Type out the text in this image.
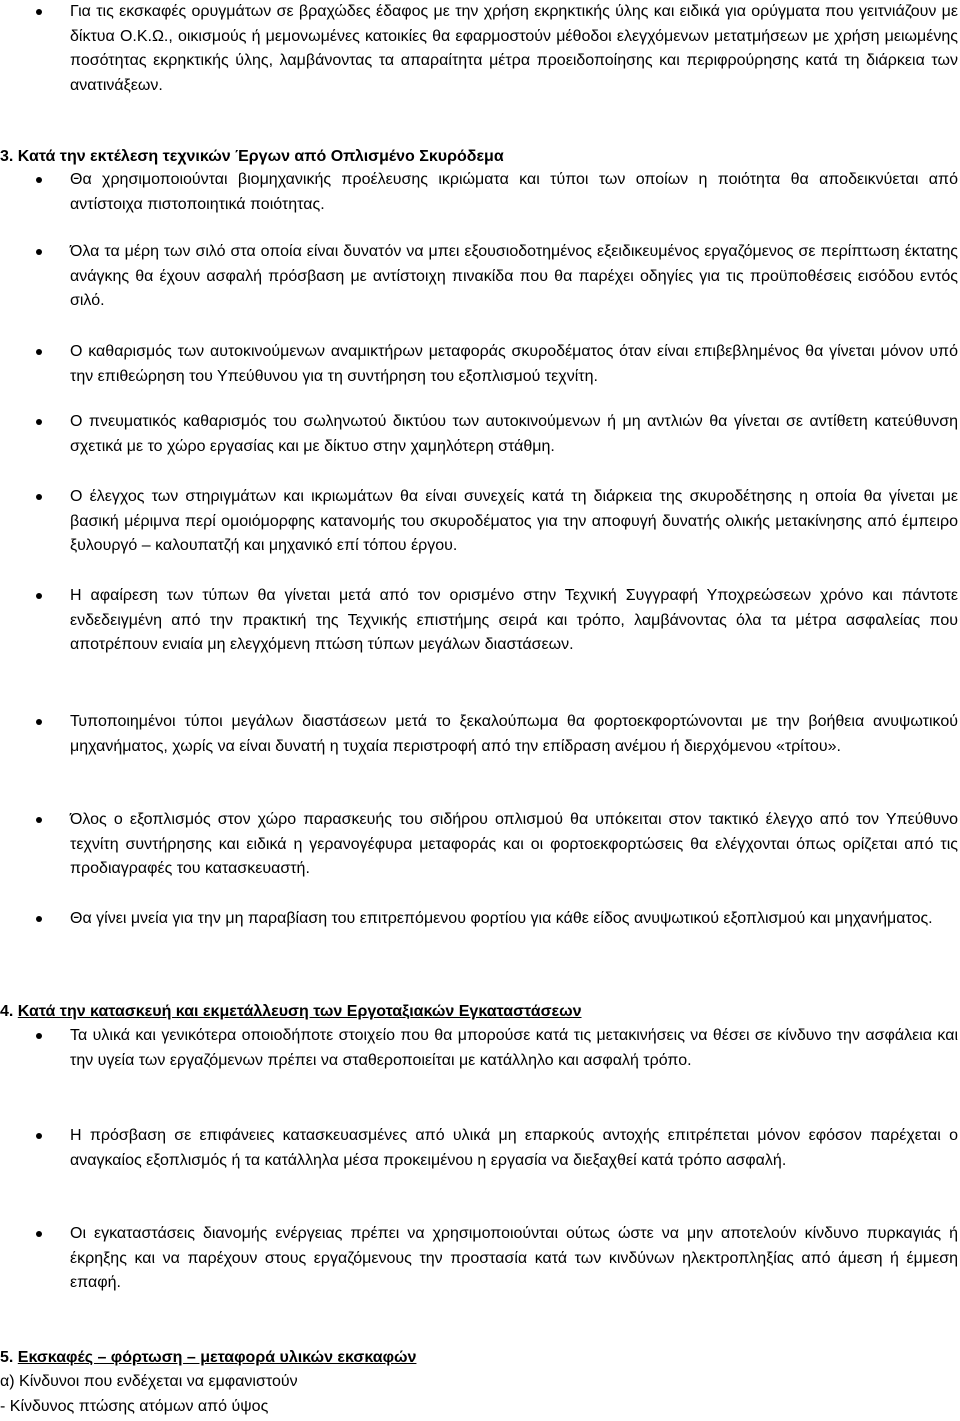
Για τις εκσκαφές ορυγμάτων σε βραχώδες έδαφος με την χρήση εκρηκτικής ύλης και ειδικά για ορύγματα που γειτνιάζουν με δίκτυα Ο.Κ.Ω., οικισμούς ή μεμονωμένες κατοικίες θα εφαρμοστούν μέθοδοι ελεγχόμενων μετατμήσεων με χρήση μειωμένης ποσότητας εκρηκτικής ύλης, λαμβάνοντας τα απαραίτητα μέτρα προειδοποίησης και περιφρούρησης κατά τη διάρκεια των ανατινάξεων.
3. Κατά την εκτέλεση τεχνικών Έργων από Οπλισμένο Σκυρόδεμα
Θα χρησιμοποιούνται βιομηχανικής προέλευσης ικριώματα και τύποι των οποίων η ποιότητα θα αποδεικνύεται από αντίστοιχα πιστοποιητικά ποιότητας.
Όλα τα μέρη των σιλό στα οποία είναι δυνατόν να μπει εξουσιοδοτημένος εξειδικευμένος εργαζόμενος σε περίπτωση έκτατης ανάγκης θα έχουν ασφαλή πρόσβαση με αντίστοιχη πινακίδα που θα παρέχει οδηγίες για τις προϋποθέσεις εισόδου εντός σιλό.
Ο καθαρισμός των αυτοκινούμενων αναμικτήρων μεταφοράς σκυροδέματος όταν είναι επιβεβλημένος θα γίνεται μόνον υπό την επιθεώρηση του Υπεύθυνου για τη συντήρηση του εξοπλισμού τεχνίτη.
Ο πνευματικός καθαρισμός του σωληνωτού δικτύου των αυτοκινούμενων ή μη αντλιών θα γίνεται σε αντίθετη κατεύθυνση σχετικά με το χώρο εργασίας και με δίκτυο στην χαμηλότερη στάθμη.
Ο έλεγχος των στηριγμάτων και ικριωμάτων θα είναι συνεχείς κατά τη διάρκεια της σκυροδέτησης η οποία θα γίνεται με βασική μέριμνα περί ομοιόμορφης κατανομής του σκυροδέματος για την αποφυγή δυνατής ολικής μετακίνησης από έμπειρο ξυλουργό – καλουπατζή και μηχανικό επί τόπου έργου.
Η αφαίρεση των τύπων θα γίνεται μετά από τον ορισμένο στην Τεχνική Συγγραφή Υποχρεώσεων χρόνο και πάντοτε ενδεδειγμένη από την πρακτική της Τεχνικής επιστήμης σειρά και τρόπο, λαμβάνοντας όλα τα μέτρα ασφαλείας που αποτρέπουν ενιαία μη ελεγχόμενη πτώση τύπων μεγάλων διαστάσεων.
Τυποποιημένοι τύποι μεγάλων διαστάσεων μετά το ξεκαλούπωμα θα φορτοεκφορτώνονται με την βοήθεια ανυψωτικού μηχανήματος, χωρίς να είναι δυνατή η τυχαία περιστροφή από την επίδραση ανέμου ή διερχόμενου «τρίτου».
Όλος ο εξοπλισμός στον χώρο παρασκευής του σιδήρου οπλισμού θα υπόκειται στον τακτικό έλεγχο από τον Υπεύθυνο τεχνίτη συντήρησης και ειδικά η γερανογέφυρα μεταφοράς και οι φορτοεκφορτώσεις θα ελέγχονται όπως ορίζεται από τις προδιαγραφές του κατασκευαστή.
Θα γίνει μνεία για την μη παραβίαση του επιτρεπόμενου φορτίου για κάθε είδος ανυψωτικού εξοπλισμού και μηχανήματος.
4. Κατά την κατασκευή και εκμετάλλευση των Εργοταξιακών Εγκαταστάσεων
Τα υλικά και γενικότερα οποιοδήποτε στοιχείο που θα μπορούσε κατά τις μετακινήσεις να θέσει σε κίνδυνο την ασφάλεια και την υγεία των εργαζόμενων πρέπει να σταθεροποιείται με κατάλληλο και ασφαλή τρόπο.
Η πρόσβαση σε επιφάνειες κατασκευασμένες από υλικά μη επαρκούς αντοχής επιτρέπεται μόνον εφόσον παρέχεται ο αναγκαίος εξοπλισμός ή τα κατάλληλα μέσα προκειμένου η εργασία να διεξαχθεί κατά τρόπο ασφαλή.
Οι εγκαταστάσεις διανομής ενέργειας πρέπει να χρησιμοποιούνται ούτως ώστε να μην αποτελούν κίνδυνο πυρκαγιάς ή έκρηξης και να παρέχουν στους εργαζόμενους την προστασία κατά των κινδύνων ηλεκτροπληξίας από άμεση ή έμμεση επαφή.
5. Εκσκαφές – φόρτωση – μεταφορά υλικών εκσκαφών
α) Κίνδυνοι που ενδέχεται να εμφανιστούν
- Κίνδυνος πτώσης ατόμων από ύψος
